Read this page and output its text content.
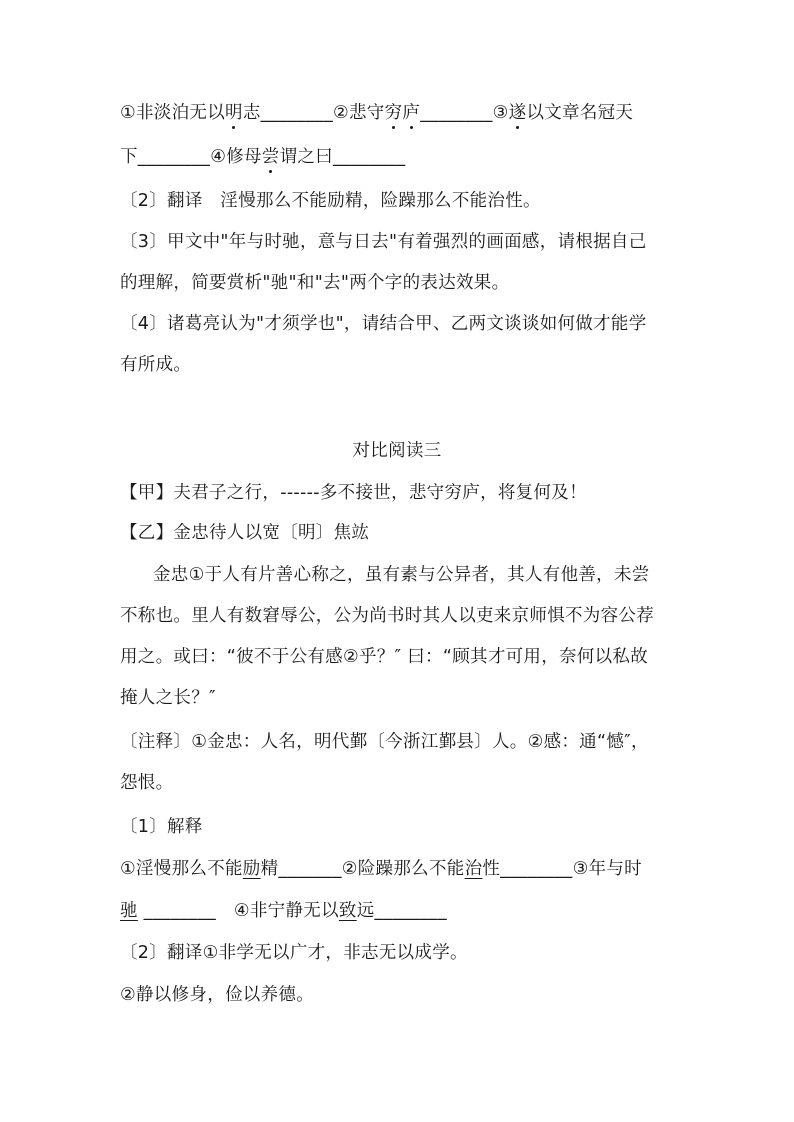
①非淡泊无以明志________②悲守穷庐________③遂以文章名冠天
下________④修母尝谓之曰________
〔2〕翻译　淫慢那么不能励精，险躁那么不能治性。
〔3〕甲文中"年与时驰，意与日去"有着强烈的画面感，请根据自己
的理解，简要赏析"驰"和"去"两个字的表达效果。
〔4〕诸葛亮认为"才须学也"，请结合甲、乙两文谈谈如何做才能学
有所成。
对比阅读三
【甲】夫君子之行，------多不接世，悲守穷庐，将复何及！
【乙】金忠待人以宽〔明〕焦竑
金忠①于人有片善心称之，虽有素与公异者，其人有他善，未尝
不称也。里人有数窘辱公，公为尚书时其人以吏来京师惧不为容公荐
用之。或曰：“彼不于公有感②乎？″ 曰：“顾其才可用，奈何以私故
掩人之长？″
〔注释〕①金忠：人名，明代鄞〔今浙江鄞县〕人。②感：通“憾″，
怨恨。
〔1〕解释
①淫慢那么不能励精_______②险躁那么不能治性________③年与时
驰 ________　④非宁静无以致远________
〔2〕翻译①非学无以广才，非志无以成学。
②静以修身，俭以养德。
